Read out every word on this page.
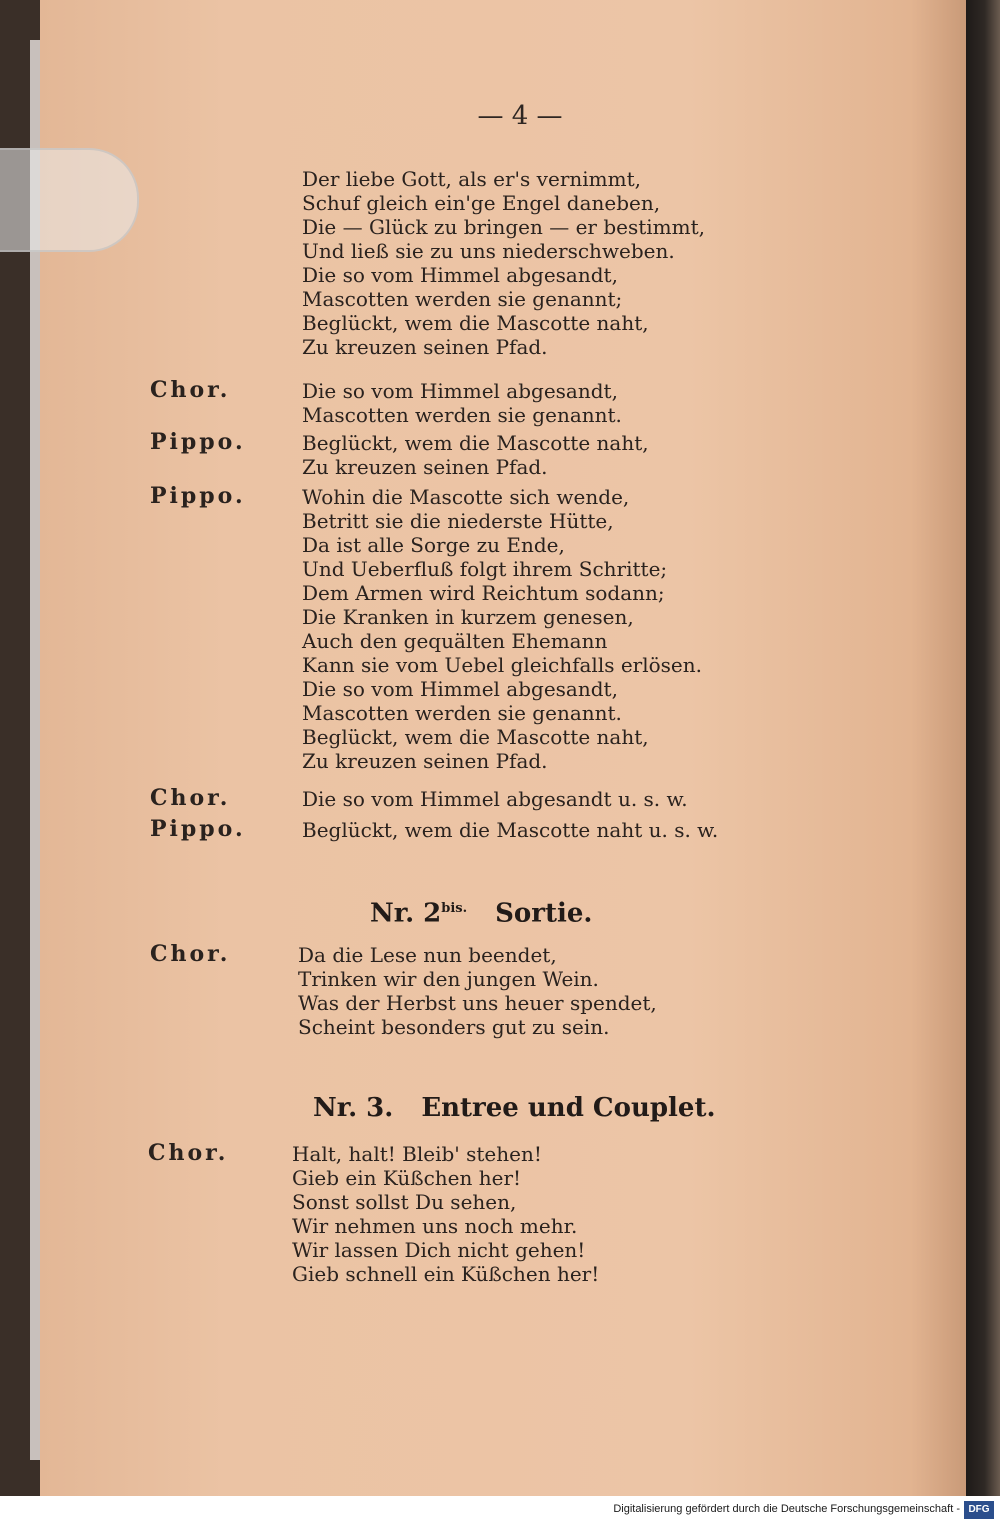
— 4 —
Der liebe Gott, als er's vernimmt,
Schuf gleich ein'ge Engel daneben,
Die — Glück zu bringen — er bestimmt,
Und ließ sie zu uns niederschweben.
Die so vom Himmel abgesandt,
Mascotten werden sie genannt;
Beglückt, wem die Mascotte naht,
Zu kreuzen seinen Pfad.
Chor.	Die so vom Himmel abgesandt,
Mascotten werden sie genannt.
Pippo.	Beglückt, wem die Mascotte naht,
Zu kreuzen seinen Pfad.
Pippo.	Wohin die Mascotte sich wende,
Betritt sie die niederste Hütte,
Da ist alle Sorge zu Ende,
Und Ueberfluß folgt ihrem Schritte;
Dem Armen wird Reichtum sodann;
Die Kranken in kurzem genesen,
Auch den gequälten Ehemann
Kann sie vom Uebel gleichfalls erlösen.
Die so vom Himmel abgesandt,
Mascotten werden sie genannt.
Beglückt, wem die Mascotte naht,
Zu kreuzen seinen Pfad.
Chor.	Die so vom Himmel abgesandt u. s. w.
Pippo.	Beglückt, wem die Mascotte naht u. s. w.
Chor.	Da die Lese nun beendet,
Trinken wir den jungen Wein.
Was der Herbst uns heuer spendet,
Scheint besonders gut zu sein.
Chor.	Halt, halt! Bleib' stehen!
Gieb ein Küßchen her!
Sonst sollst Du sehen,
Wir nehmen uns noch mehr.
Wir lassen Dich nicht gehen!
Gieb schnell ein Küßchen her!
Nr. $2^{bis.}$ Sortie.
Nr. 3. Entree und Couplet.
Digitalisierung gefördert durch die Deutsche Forschungsgemeinschaft - DFG
